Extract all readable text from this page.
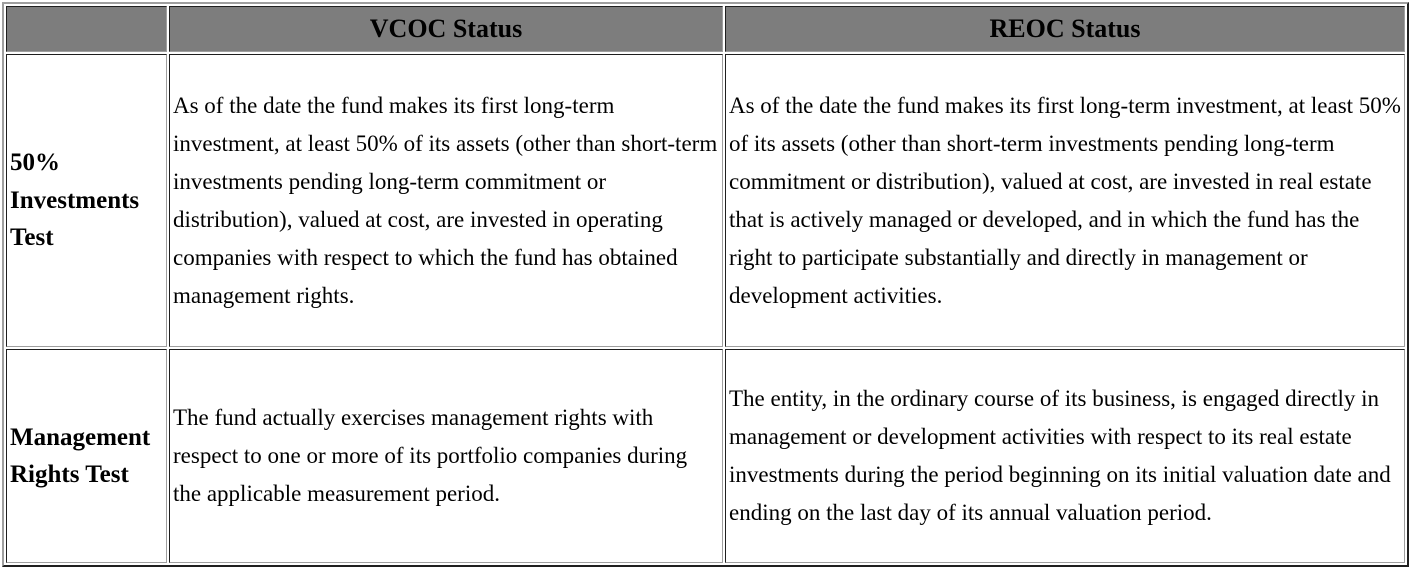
	VCOC Status	REOC Status
50% Investments Test	As of the date the fund makes its first long-term investment, at least 50% of its assets (other than short-term investments pending long-term commitment or distribution), valued at cost, are invested in operating companies with respect to which the fund has obtained management rights.	As of the date the fund makes its first long-term investment, at least 50% of its assets (other than short-term investments pending long-term commitment or distribution), valued at cost, are invested in real estate that is actively managed or developed, and in which the fund has the right to participate substantially and directly in management or development activities.
Management Rights Test	The fund actually exercises management rights with respect to one or more of its portfolio companies during the applicable measurement period.	The entity, in the ordinary course of its business, is engaged directly in management or development activities with respect to its real estate investments during the period beginning on its initial valuation date and ending on the last day of its annual valuation period.
